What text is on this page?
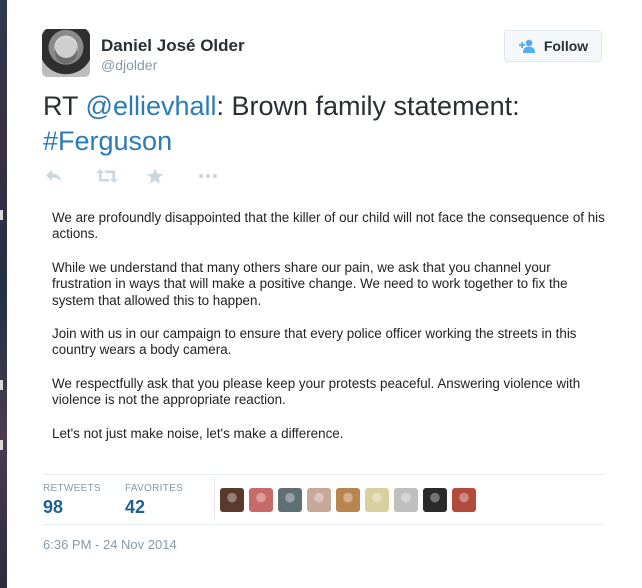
Daniel José Older
@djolder
Follow

RT @ellievhall: Brown family statement:
#Ferguson

We are profoundly disappointed that the killer of our child will not face the consequence of his actions.

While we understand that many others share our pain, we ask that you channel your frustration in ways that will make a positive change. We need to work together to fix the system that allowed this to happen.

Join with us in our campaign to ensure that every police officer working the streets in this country wears a body camera.

We respectfully ask that you please keep your protests peaceful. Answering violence with violence is not the appropriate reaction.

Let's not just make noise, let's make a difference.

RETWEETS
98
FAVORITES
42
6:36 PM - 24 Nov 2014
